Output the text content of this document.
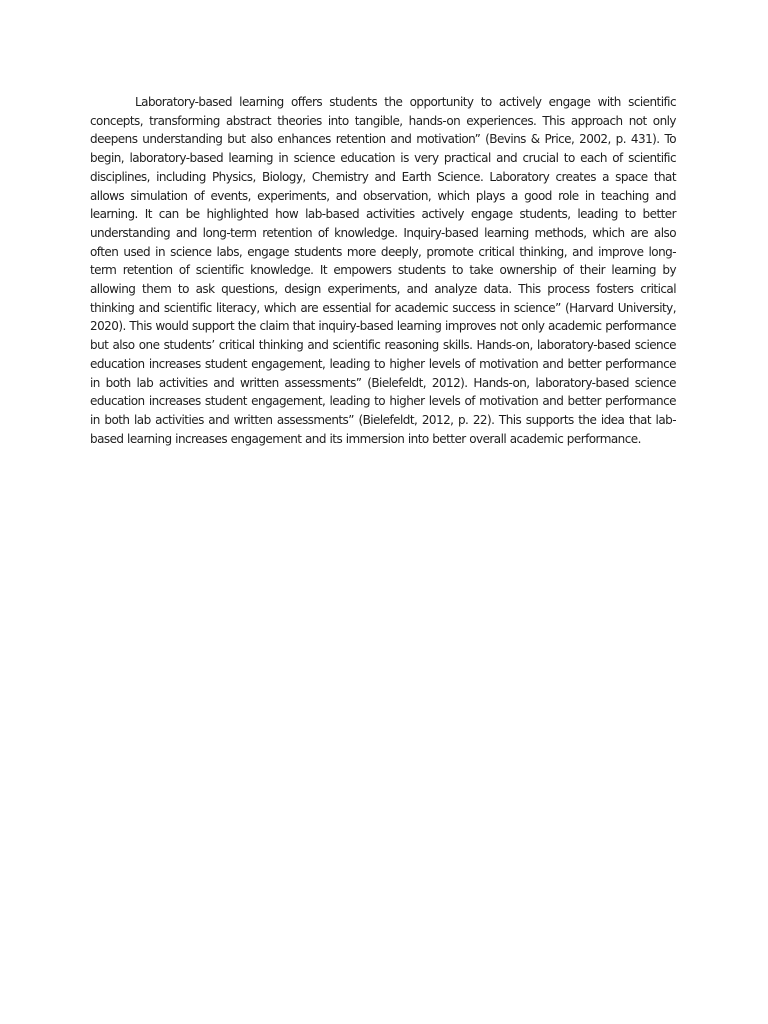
Laboratory-based learning offers students the opportunity to actively engage with scientific concepts, transforming abstract theories into tangible, hands-on experiences. This approach not only deepens understanding but also enhances retention and motivation” (Bevins & Price, 2002, p. 431). To begin, laboratory-based learning in science education is very practical and crucial to each of scientific disciplines, including Physics, Biology, Chemistry and Earth Science. Laboratory creates a space that allows simulation of events, experiments, and observation, which plays a good role in teaching and learning. It can be highlighted how lab-based activities actively engage students, leading to better understanding and long-term retention of knowledge. Inquiry-based learning methods, which are also often used in science labs, engage students more deeply, promote critical thinking, and improve long-term retention of scientific knowledge. It empowers students to take ownership of their learning by allowing them to ask questions, design experiments, and analyze data. This process fosters critical thinking and scientific literacy, which are essential for academic success in science” (Harvard University, 2020). This would support the claim that inquiry-based learning improves not only academic performance but also one students’ critical thinking and scientific reasoning skills. Hands-on, laboratory-based science education increases student engagement, leading to higher levels of motivation and better performance in both lab activities and written assessments” (Bielefeldt, 2012). Hands-on, laboratory-based science education increases student engagement, leading to higher levels of motivation and better performance in both lab activities and written assessments” (Bielefeldt, 2012, p. 22). This supports the idea that lab-based learning increases engagement and its immersion into better overall academic performance.
